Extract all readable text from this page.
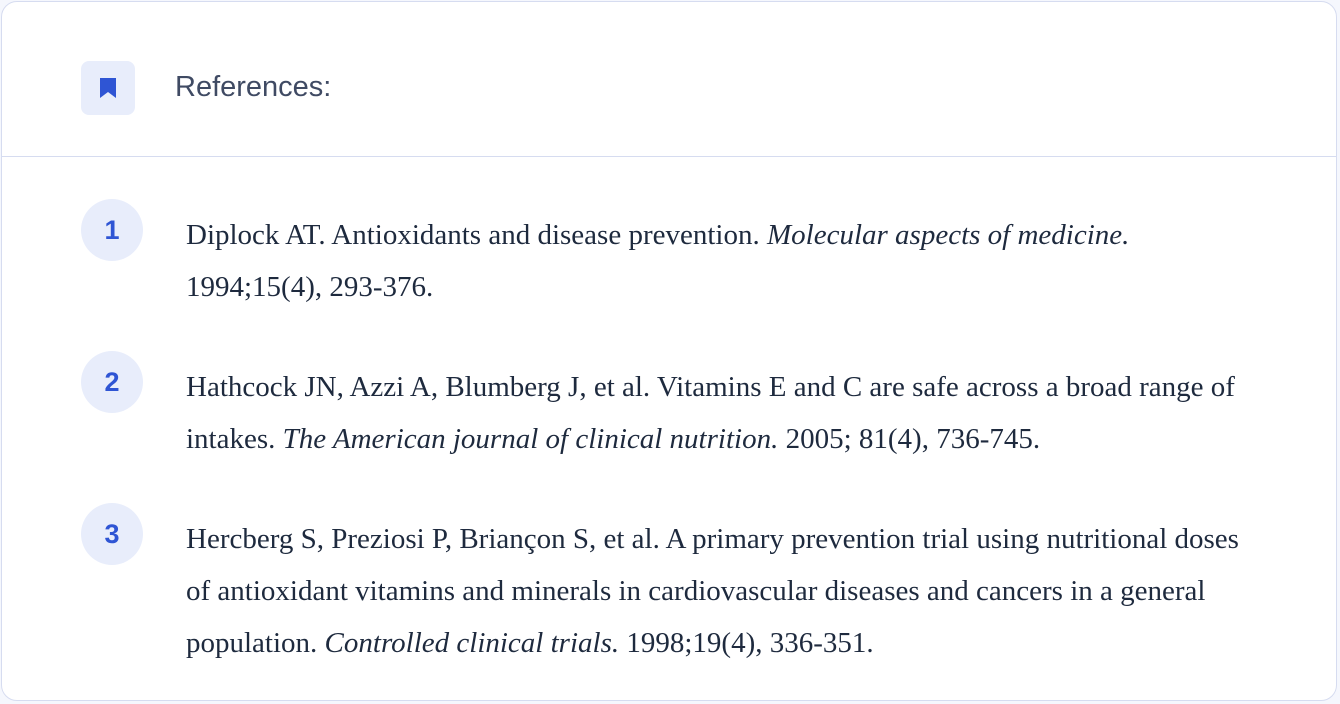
References:
1	Diplock AT. Antioxidants and disease prevention. Molecular aspects of medicine. 1994;15(4), 293-376.
2	Hathcock JN, Azzi A, Blumberg J, et al. Vitamins E and C are safe across a broad range of intakes. The American journal of clinical nutrition. 2005; 81(4), 736-745.
3	Hercberg S, Preziosi P, Briançon S, et al. A primary prevention trial using nutritional doses of antioxidant vitamins and minerals in cardiovascular diseases and cancers in a general population. Controlled clinical trials. 1998;19(4), 336-351.
